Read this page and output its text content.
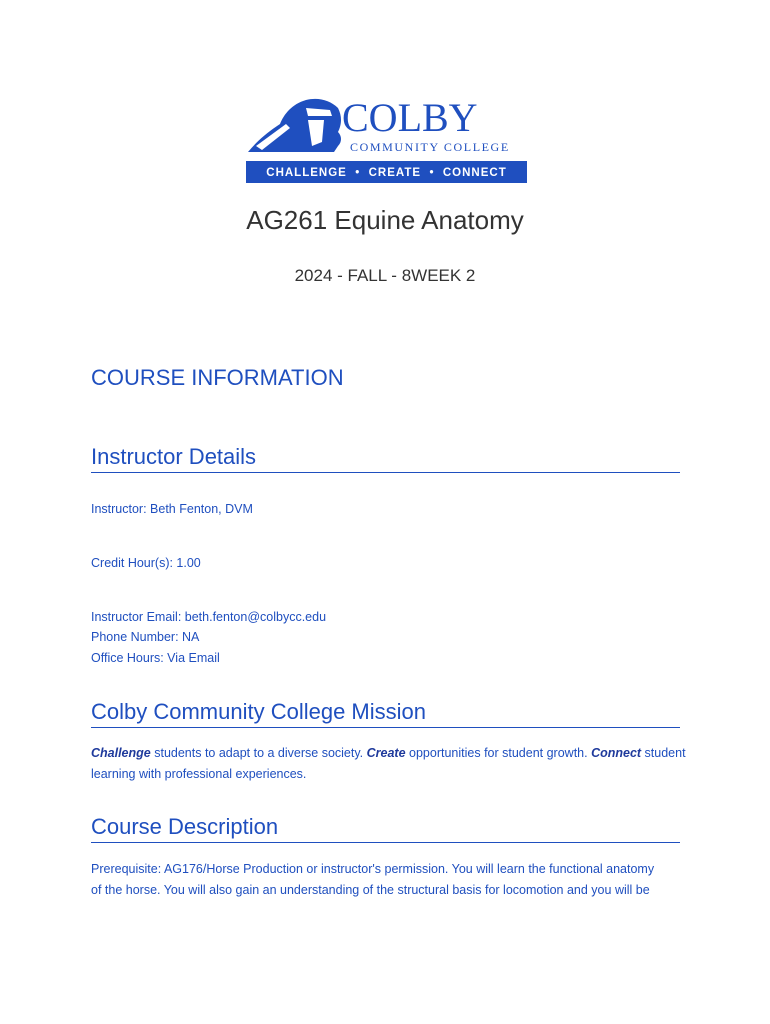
COLBY
COMMUNITY COLLEGE
CHALLENGE  •  CREATE  •  CONNECT
AG261 Equine Anatomy
2024 - FALL - 8WEEK 2
COURSE INFORMATION
Instructor Details
Instructor: Beth Fenton, DVM
Credit Hour(s): 1.00
Instructor Email: beth.fenton@colbycc.edu
Phone Number: NA
Office Hours: Via Email
Colby Community College Mission
Challenge students to adapt to a diverse society. Create opportunities for student growth. Connect student learning with professional experiences.
Course Description
Prerequisite: AG176/Horse Production or instructor's permission. You will learn the functional anatomy
of the horse. You will also gain an understanding of the structural basis for locomotion and you will be
